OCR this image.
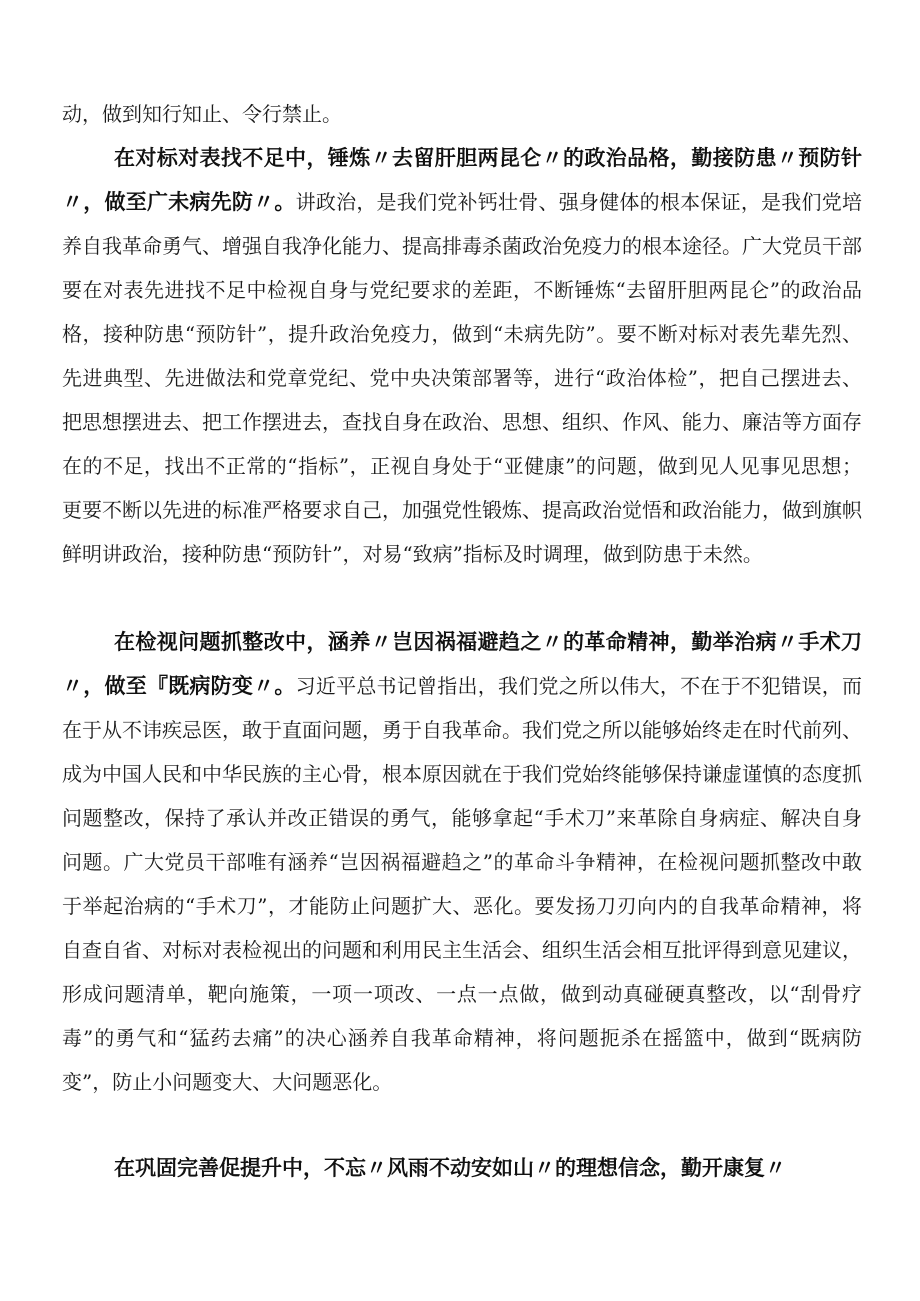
动，做到知行知止、令行禁止。

在对标对表找不足中，锤炼〃去留肝胆两昆仑〃的政治品格，勤接防患〃预防针〃，做至广未病先防〃。讲政治，是我们党补钙壮骨、强身健体的根本保证，是我们党培养自我革命勇气、增强自我净化能力、提高排毒杀菌政治免疫力的根本途径。广大党员干部要在对表先进找不足中检视自身与党纪要求的差距，不断锤炼“去留肝胆两昆仑”的政治品格，接种防患“预防针”，提升政治免疫力，做到“未病先防”。要不断对标对表先辈先烈、先进典型、先进做法和党章党纪、党中央决策部署等，进行“政治体检”，把自己摆进去、把思想摆进去、把工作摆进去，查找自身在政治、思想、组织、作风、能力、廉洁等方面存在的不足，找出不正常的“指标”，正视自身处于“亚健康”的问题，做到见人见事见思想；更要不断以先进的标准严格要求自己，加强党性锻炼、提高政治觉悟和政治能力，做到旗帜鲜明讲政治，接种防患“预防针”，对易“致病”指标及时调理，做到防患于未然。

在检视问题抓整改中，涵养〃岂因祸福避趋之〃的革命精神，勤举治病〃手术刀〃，做至『既病防变〃。习近平总书记曾指出，我们党之所以伟大，不在于不犯错误，而在于从不讳疾忌医，敢于直面问题，勇于自我革命。我们党之所以能够始终走在时代前列、成为中国人民和中华民族的主心骨，根本原因就在于我们党始终能够保持谦虚谨慎的态度抓问题整改，保持了承认并改正错误的勇气，能够拿起“手术刀”来革除自身病症、解决自身问题。广大党员干部唯有涵养“岂因祸福避趋之”的革命斗争精神，在检视问题抓整改中敢于举起治病的“手术刀”，才能防止问题扩大、恶化。要发扬刀刃向内的自我革命精神，将自查自省、对标对表检视出的问题和利用民主生活会、组织生活会相互批评得到意见建议，形成问题清单，靶向施策，一项一项改、一点一点做，做到动真碰硬真整改，以“刮骨疗毒”的勇气和“猛药去痛”的决心涵养自我革命精神，将问题扼杀在摇篮中，做到“既病防变”，防止小问题变大、大问题恶化。

在巩固完善促提升中，不忘〃风雨不动安如山〃的理想信念，勤开康复〃
